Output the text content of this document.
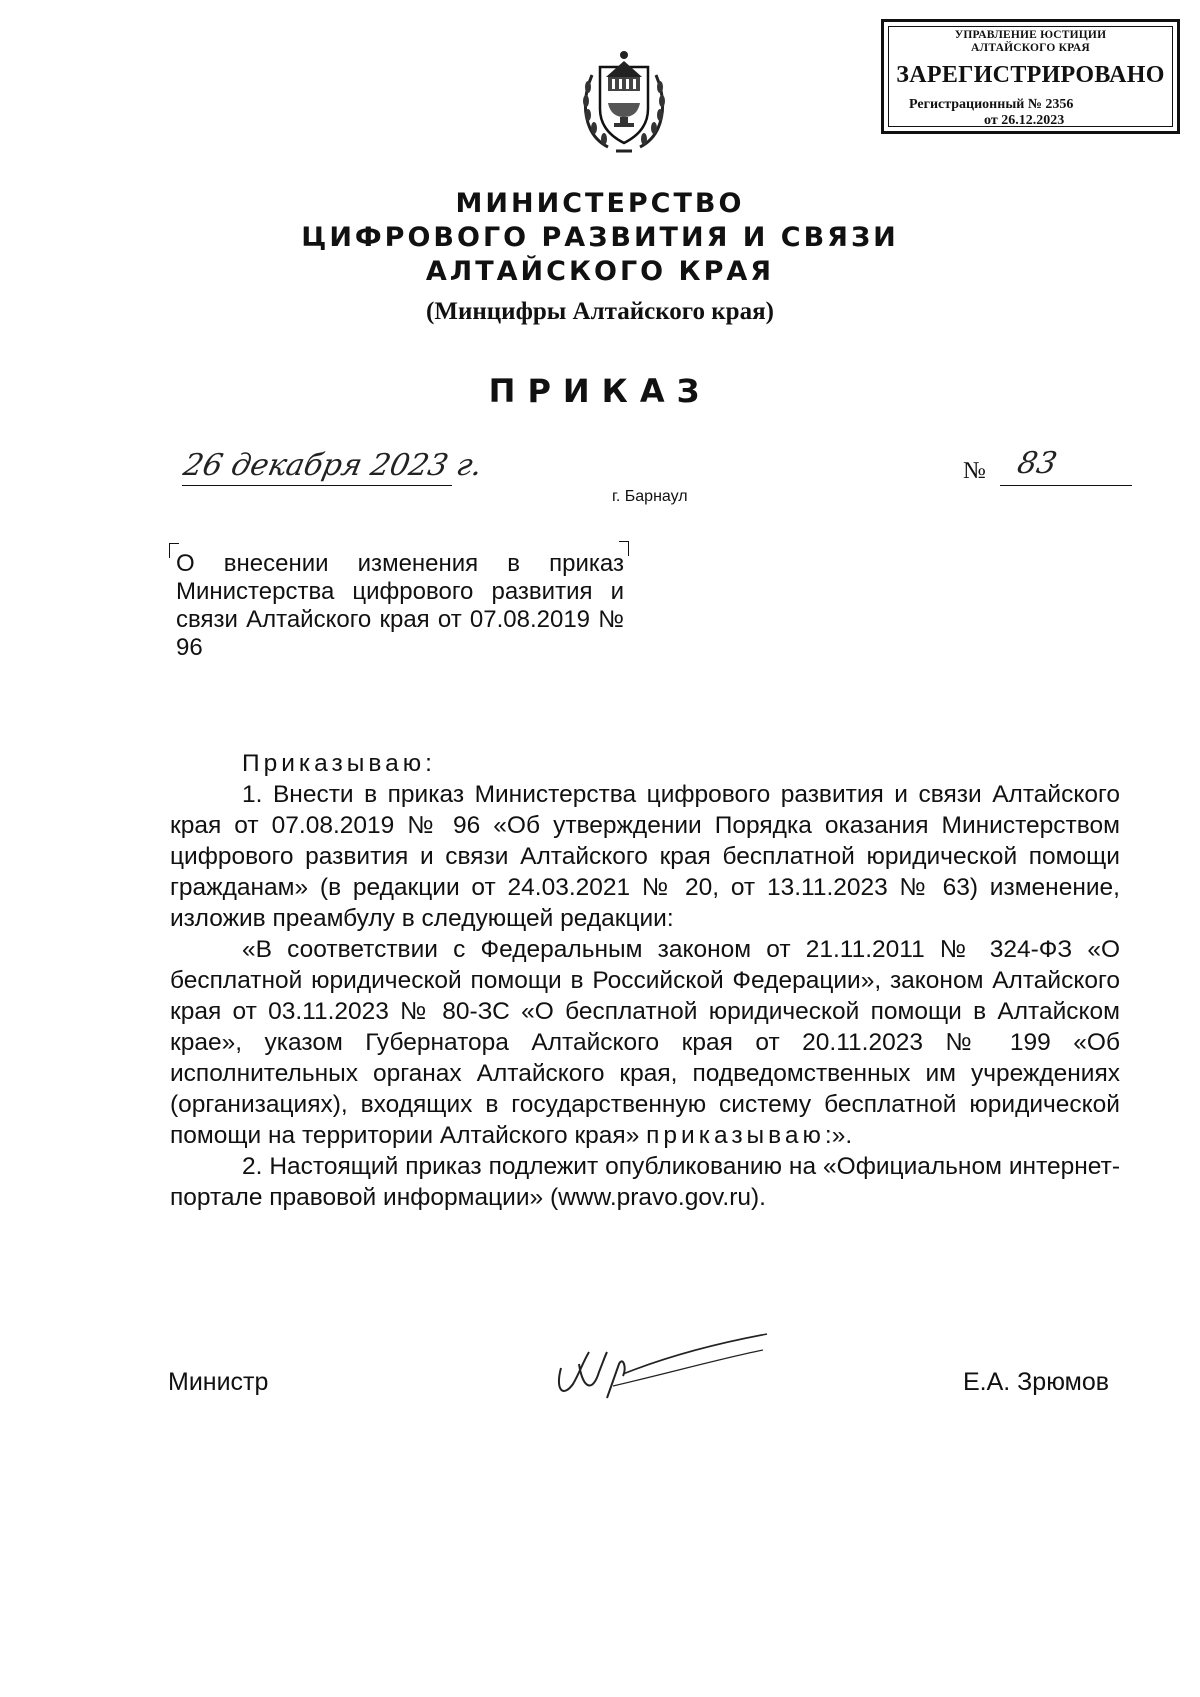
УПРАВЛЕНИЕ ЮСТИЦИИ
АЛТАЙСКОГО КРАЯ
ЗАРЕГИСТРИРОВАНО
Регистрационный № 2356
от 26.12.2023
МИНИСТЕРСТВО
ЦИФРОВОГО РАЗВИТИЯ И СВЯЗИ
АЛТАЙСКОГО КРАЯ
(Минцифры Алтайского края)
ПРИКАЗ
26 декабря 2023 г.	№ 83
г. Барнаул
О внесении изменения в приказ Министерства цифрового развития и связи Алтайского края от 07.08.2019 № 96

Приказываю:

1. Внести в приказ Министерства цифрового развития и связи Алтайского края от 07.08.2019 № 96 «Об утверждении Порядка оказания Министерством цифрового развития и связи Алтайского края бесплатной юридической помощи гражданам» (в редакции от 24.03.2021 № 20, от 13.11.2023 № 63) изменение, изложив преамбулу в следующей редакции:

«В соответствии с Федеральным законом от 21.11.2011 № 324-ФЗ «О бесплатной юридической помощи в Российской Федерации», законом Алтайского края от 03.11.2023 № 80-ЗС «О бесплатной юридической помощи в Алтайском крае», указом Губернатора Алтайского края от 20.11.2023 № 199 «Об исполнительных органах Алтайского края, подведомственных им учреждениях (организациях), входящих в государственную систему бесплатной юридической помощи на территории Алтайского края» приказываю:».

2. Настоящий приказ подлежит опубликованию на «Официальном интернет-портале правовой информации» (www.pravo.gov.ru).

Министр	Е.А. Зрюмов
